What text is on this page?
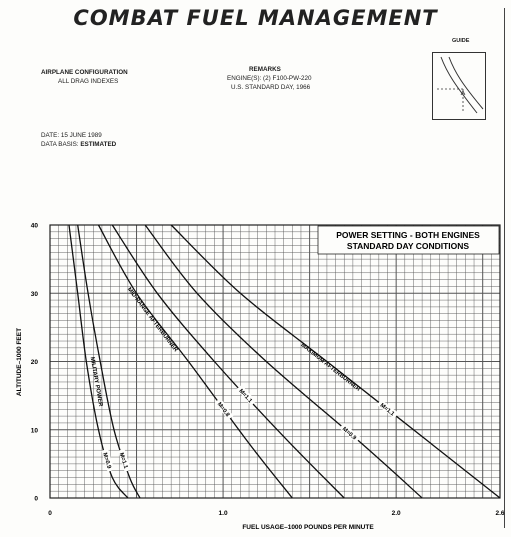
COMBAT FUEL MANAGEMENT
GUIDE
AIRPLANE CONFIGURATION
ALL DRAG INDEXES
REMARKS
ENGINE(S): (2) F100-PW-220
U.S. STANDARD DAY, 1966
DATE: 15 JUNE 1989
DATA BASIS: ESTIMATED
0	1.0	2.0	2.6
0
10
20
30
40
M=0.9 M=1.1
M=0.8
M=1.1
M=0.9
M=1.1
MILITARY POWER
MID-RANGE AFTERBURNER
MAXIMUM AFTERBURNER
POWER SETTING - BOTH ENGINES
STANDARD DAY CONDITIONS
ALTITUDE–1000 FEET
FUEL USAGE–1000 POUNDS PER MINUTE
